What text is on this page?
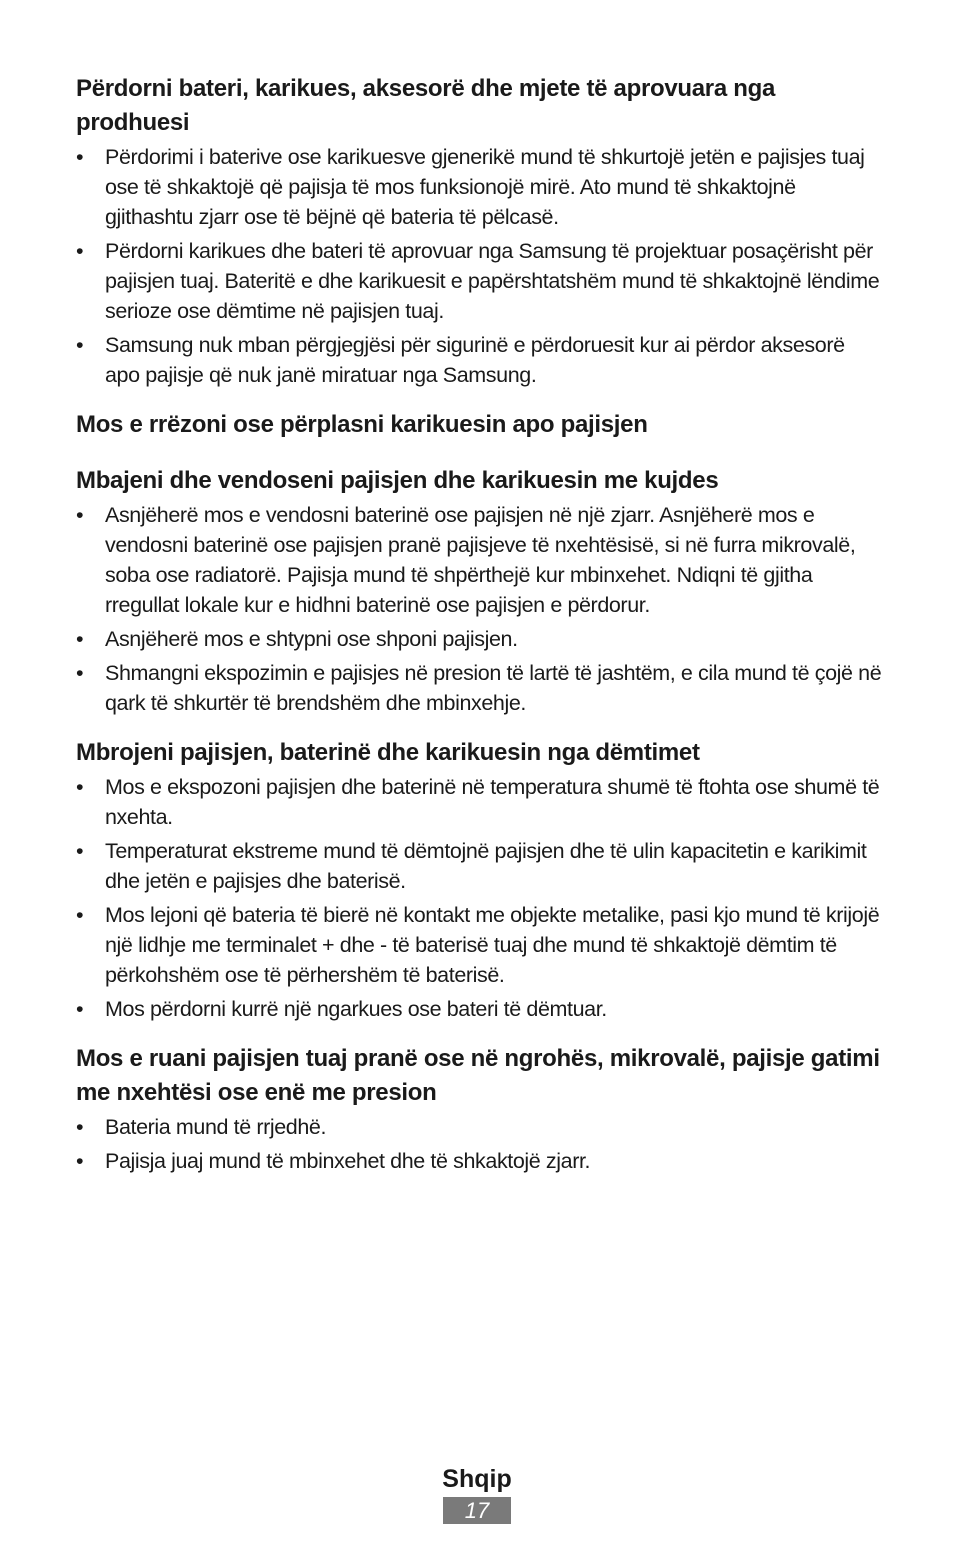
Përdorni bateri, karikues, aksesorë dhe mjete të aprovuara nga prodhuesi
• Përdorimi i baterive ose karikuesve gjenerikë mund të shkurtojë jetën e pajisjes tuaj ose të shkaktojë që pajisja të mos funksionojë mirë. Ato mund të shkaktojnë gjithashtu zjarr ose të bëjnë që bateria të pëlcasë.
• Përdorni karikues dhe bateri të aprovuar nga Samsung të projektuar posaçërisht për pajisjen tuaj. Bateritë e dhe karikuesit e papërshtatshëm mund të shkaktojnë lëndime serioze ose dëmtime në pajisjen tuaj.
• Samsung nuk mban përgjegjësi për sigurinë e përdoruesit kur ai përdor aksesorë apo pajisje që nuk janë miratuar nga Samsung.
Mos e rrëzoni ose përplasni karikuesin apo pajisjen
Mbajeni dhe vendoseni pajisjen dhe karikuesin me kujdes
• Asnjëherë mos e vendosni baterinë ose pajisjen në një zjarr. Asnjëherë mos e vendosni baterinë ose pajisjen pranë pajisjeve të nxehtësisë, si në furra mikrovalë, soba ose radiatorë. Pajisja mund të shpërthejë kur mbinxehet. Ndiqni të gjitha rregullat lokale kur e hidhni baterinë ose pajisjen e përdorur.
• Asnjëherë mos e shtypni ose shponi pajisjen.
• Shmangni ekspozimin e pajisjes në presion të lartë të jashtëm, e cila mund të çojë në qark të shkurtër të brendshëm dhe mbinxehje.
Mbrojeni pajisjen, baterinë dhe karikuesin nga dëmtimet
• Mos e ekspozoni pajisjen dhe baterinë në temperatura shumë të ftohta ose shumë të nxehta.
• Temperaturat ekstreme mund të dëmtojnë pajisjen dhe të ulin kapacitetin e karikimit dhe jetën e pajisjes dhe baterisë.
• Mos lejoni që bateria të bierë në kontakt me objekte metalike, pasi kjo mund të krijojë një lidhje me terminalet + dhe - të baterisë tuaj dhe mund të shkaktojë dëmtim të përkohshëm ose të përhershëm të baterisë.
• Mos përdorni kurrë një ngarkues ose bateri të dëmtuar.
Mos e ruani pajisjen tuaj pranë ose në ngrohës, mikrovalë, pajisje gatimi me nxehtësi ose enë me presion
• Bateria mund të rrjedhë.
• Pajisja juaj mund të mbinxehet dhe të shkaktojë zjarr.
Shqip
17
